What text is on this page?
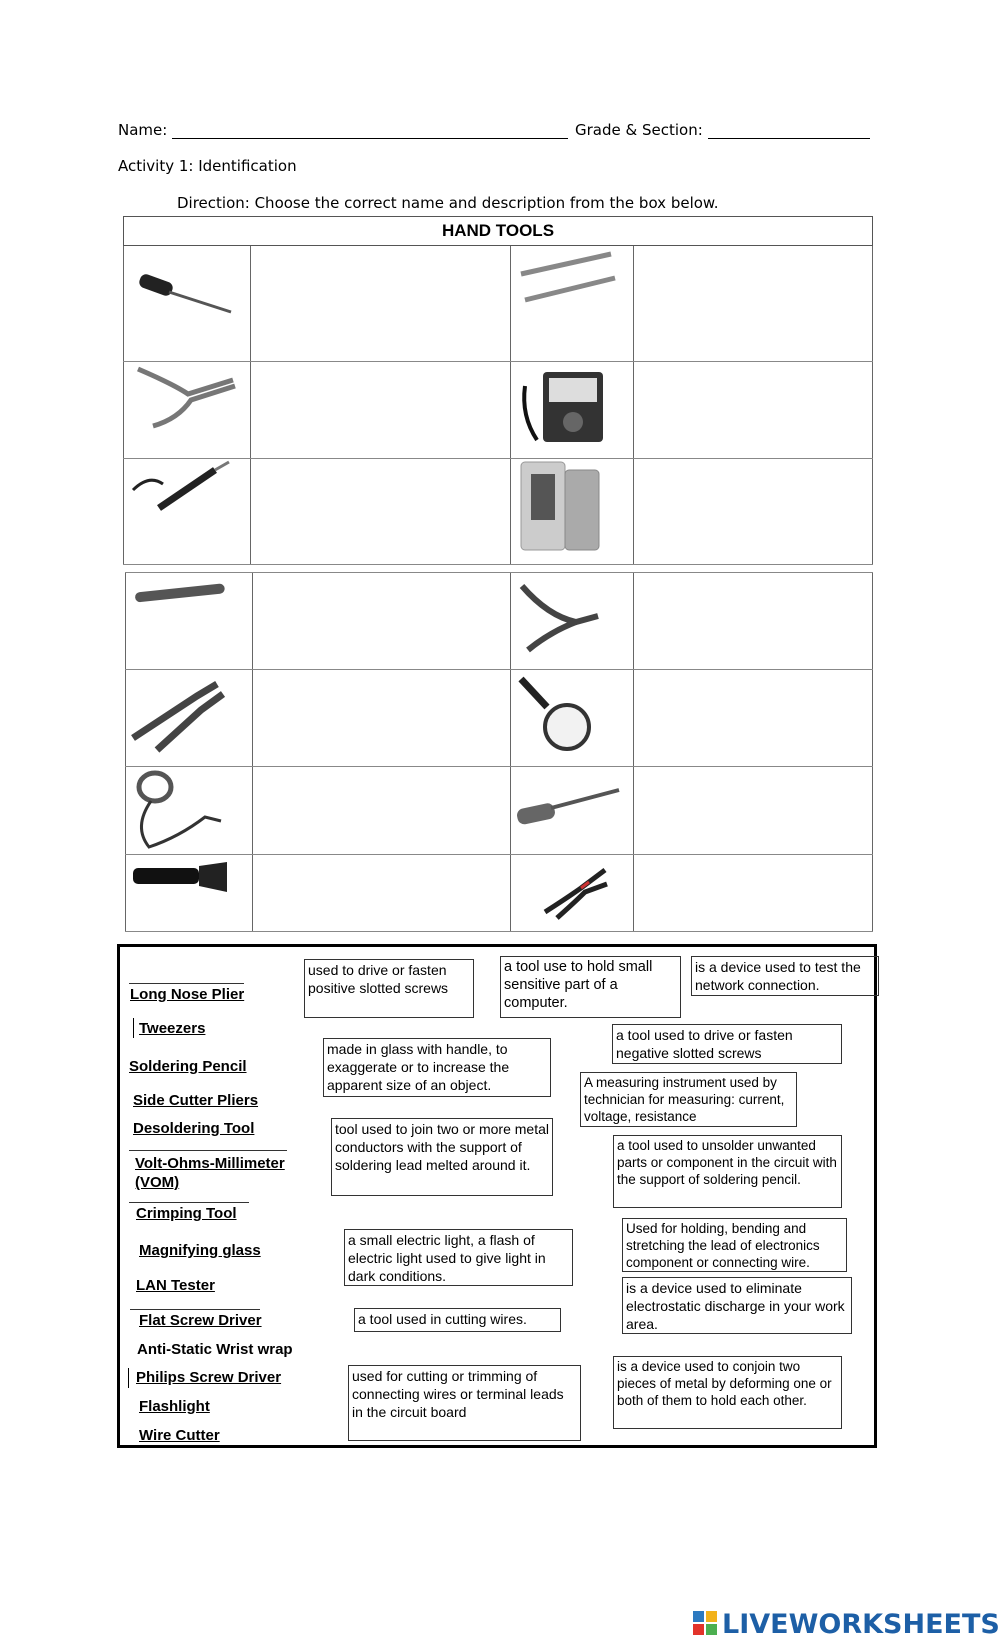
Name:	Grade & Section:
Activity 1: Identification
Direction: Choose the correct name and description from the box below.
HAND TOOLS
Long Nose Plier
Tweezers
Soldering Pencil
Side Cutter Pliers
Desoldering Tool
Volt-Ohms-Millimeter (VOM)
Crimping Tool
Magnifying glass
LAN Tester
Flat Screw Driver
Anti-Static Wrist wrap
Philips Screw Driver
Flashlight
Wire Cutter
used to drive or fasten positive slotted screws
a tool use to hold small sensitive part of a computer.
is a device used to test the network connection.
a tool used to drive or fasten negative slotted screws
made in glass with handle, to exaggerate or to increase the apparent size of an object.	A measuring instrument used by technician for measuring: current, voltage, resistance
tool used to join two or more metal conductors with the support of soldering lead melted around it.
a tool used to unsolder unwanted parts or component in the circuit with the support of soldering pencil.
a small electric light, a flash of electric light used to give light in dark conditions.
Used for holding, bending and stretching the lead of electronics component or connecting wire.
is a device used to eliminate electrostatic discharge in your work area.
a tool used in cutting wires.
used for cutting or trimming of connecting wires or terminal leads in the circuit board
is a device used to conjoin two pieces of metal by deforming one or both of them to hold each other.
LIVEWORKSHEETS
